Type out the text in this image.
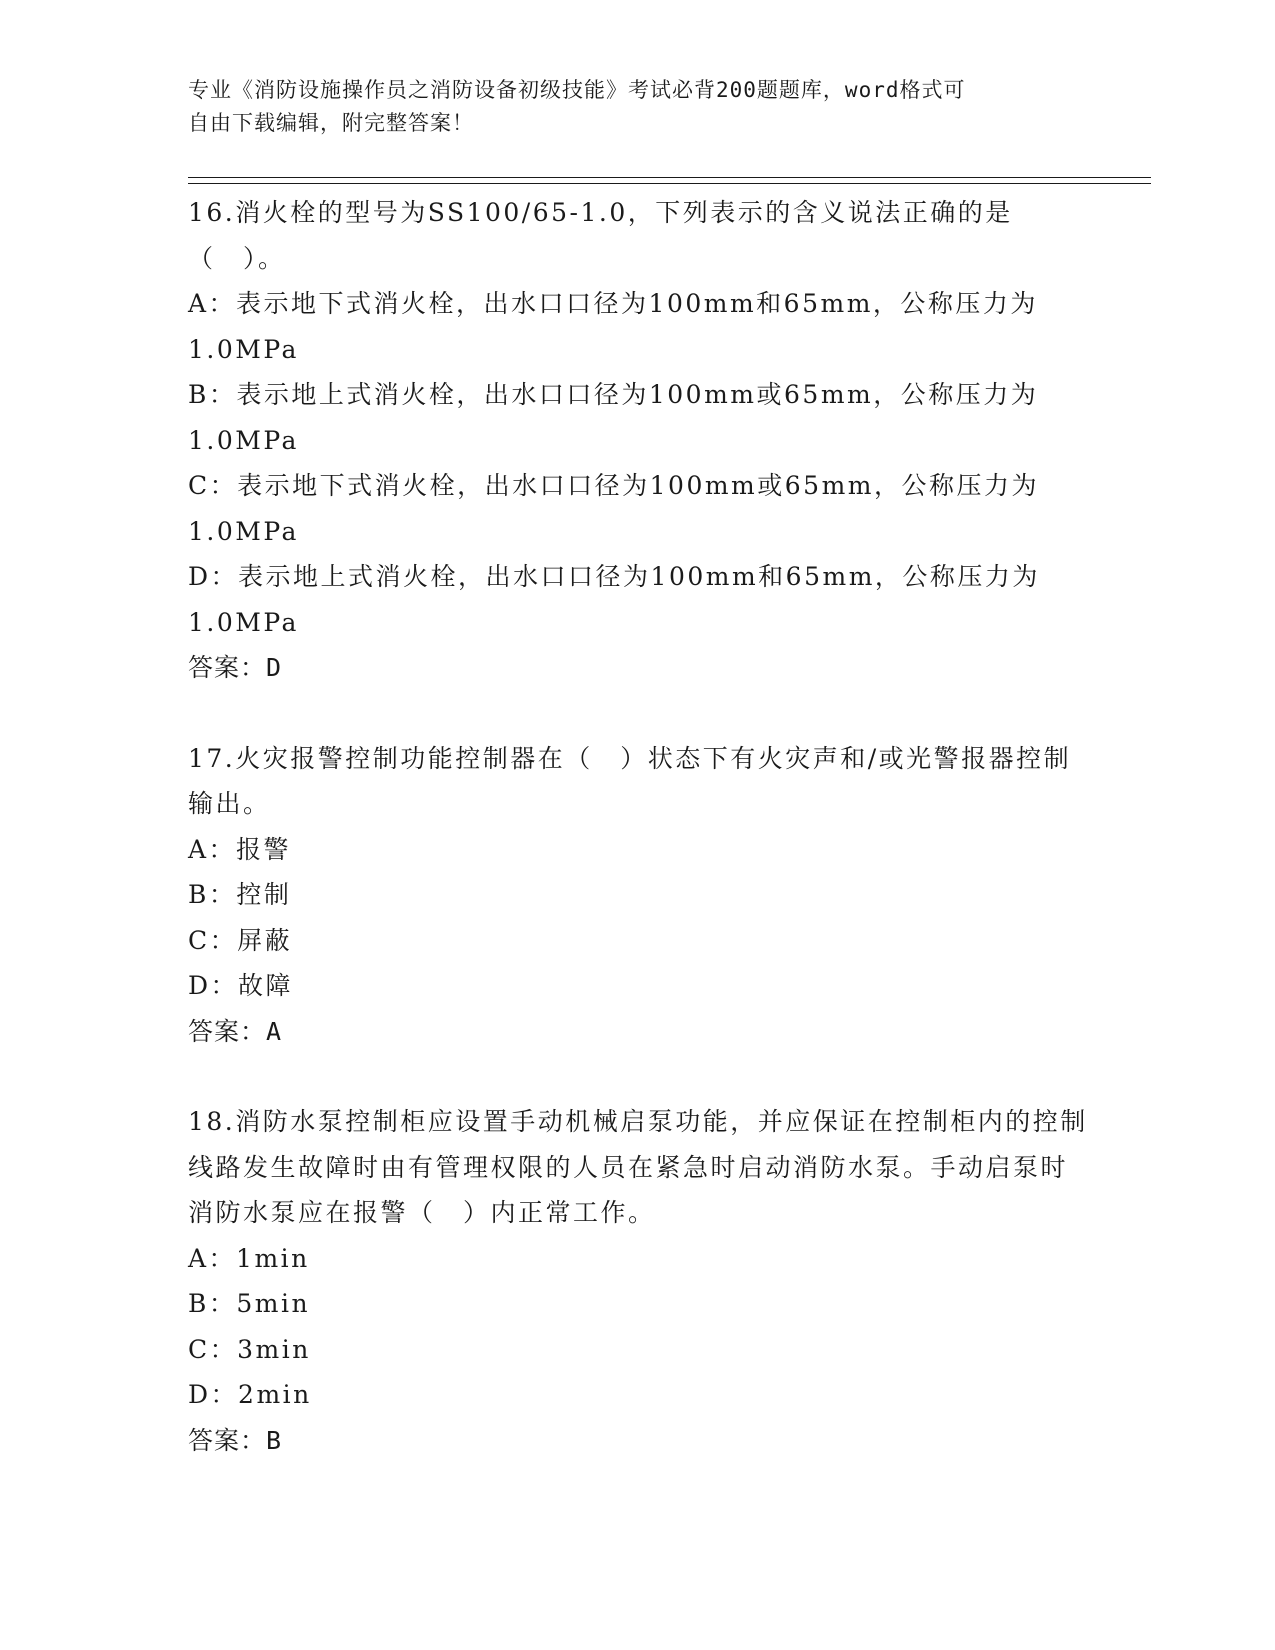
专业《消防设施操作员之消防设备初级技能》考试必背200题题库，word格式可
自由下载编辑，附完整答案！
16.消火栓的型号为SS100/65-1.0，下列表示的含义说法正确的是（　）。
A：表示地下式消火栓，出水口口径为100mm和65mm，公称压力为1.0MPa
B：表示地上式消火栓，出水口口径为100mm或65mm，公称压力为1.0MPa
C：表示地下式消火栓，出水口口径为100mm或65mm，公称压力为1.0MPa
D：表示地上式消火栓，出水口口径为100mm和65mm，公称压力为1.0MPa
答案：D
17.火灾报警控制功能控制器在（　）状态下有火灾声和/或光警报器控制输出。
A：报警
B：控制
C：屏蔽
D：故障
答案：A
18.消防水泵控制柜应设置手动机械启泵功能，并应保证在控制柜内的控制线路发生故障时由有管理权限的人员在紧急时启动消防水泵。手动启泵时消防水泵应在报警（　）内正常工作。
A：1min
B：5min
C：3min
D：2min
答案：B
